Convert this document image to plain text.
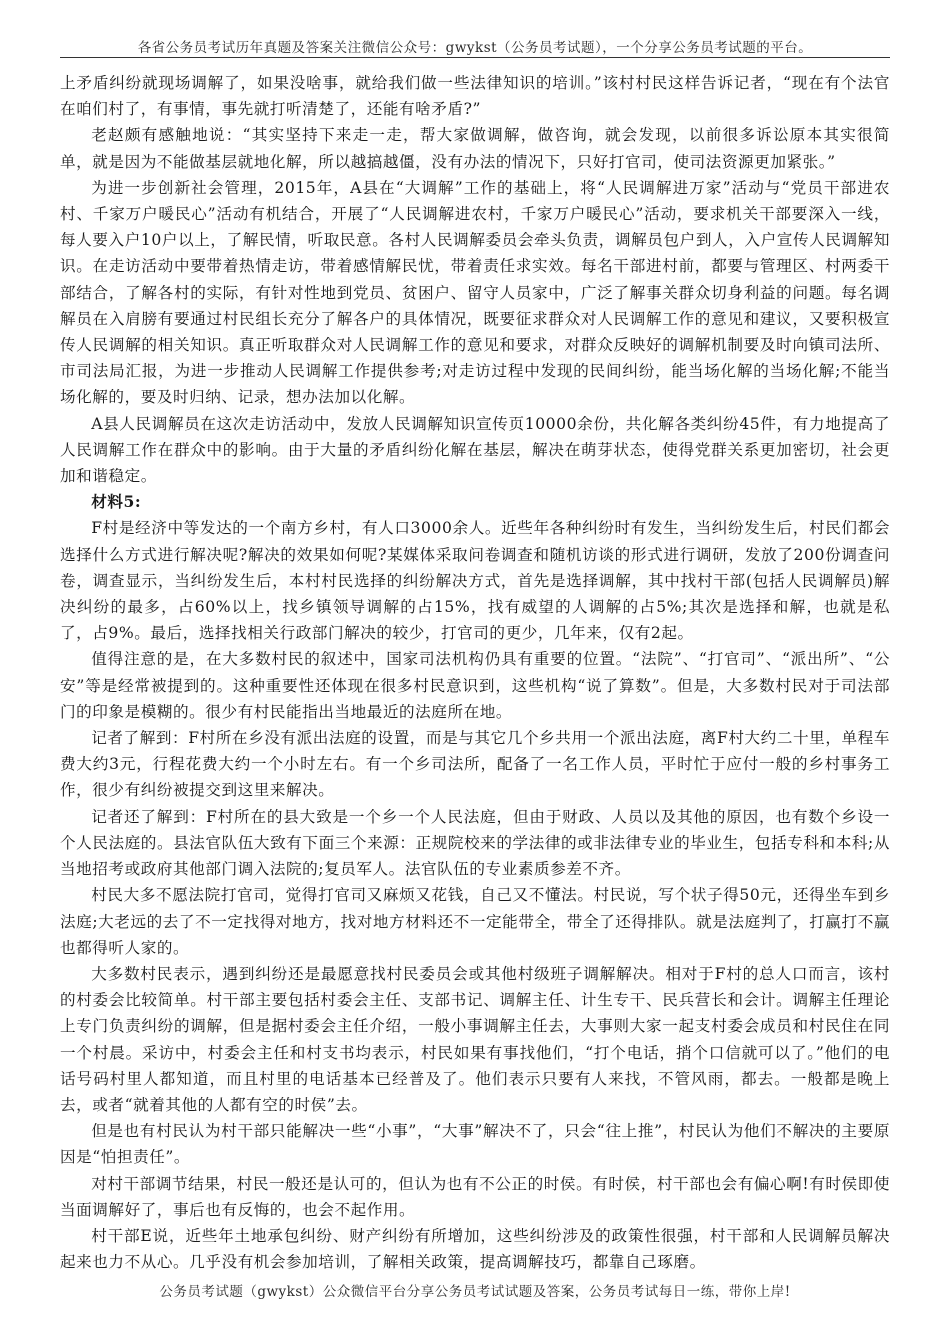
各省公务员考试历年真题及答案关注微信公众号：gwykst（公务员考试题），一个分享公务员考试题的平台。

上矛盾纠纷就现场调解了，如果没啥事，就给我们做一些法律知识的培训。”该村村民这样告诉记者，“现在有个法官在咱们村了，有事情，事先就打听清楚了，还能有啥矛盾?”

老赵颇有感触地说：“其实坚持下来走一走，帮大家做调解，做咨询，就会发现，以前很多诉讼原本其实很简单，就是因为不能做基层就地化解，所以越搞越僵，没有办法的情况下，只好打官司，使司法资源更加紧张。”

为进一步创新社会管理，2015年，A县在“大调解”工作的基础上，将“人民调解进万家”活动与“党员干部进农村、千家万户暖民心”活动有机结合，开展了“人民调解进农村，千家万户暖民心”活动，要求机关干部要深入一线，每人要入户10户以上，了解民情，听取民意。各村人民调解委员会牵头负责，调解员包户到人，入户宣传人民调解知识。在走访活动中要带着热情走访，带着感情解民忧，带着责任求实效。每名干部进村前，都要与管理区、村两委干部结合，了解各村的实际，有针对性地到党员、贫困户、留守人员家中，广泛了解事关群众切身利益的问题。每名调解员在入肩膀有要通过村民组长充分了解各户的具体情况，既要征求群众对人民调解工作的意见和建议，又要积极宣传人民调解的相关知识。真正听取群众对人民调解工作的意见和要求，对群众反映好的调解机制要及时向镇司法所、市司法局汇报，为进一步推动人民调解工作提供参考;对走访过程中发现的民间纠纷，能当场化解的当场化解;不能当场化解的，要及时归纳、记录，想办法加以化解。

A县人民调解员在这次走访活动中，发放人民调解知识宣传页10000余份，共化解各类纠纷45件，有力地提高了人民调解工作在群众中的影响。由于大量的矛盾纠纷化解在基层，解决在萌芽状态，使得党群关系更加密切，社会更加和谐稳定。

材料5:

F村是经济中等发达的一个南方乡村，有人口3000余人。近些年各种纠纷时有发生，当纠纷发生后，村民们都会选择什么方式进行解决呢?解决的效果如何呢?某媒体采取问卷调查和随机访谈的形式进行调研，发放了200份调查问卷，调查显示，当纠纷发生后，本村村民选择的纠纷解决方式，首先是选择调解，其中找村干部(包括人民调解员)解决纠纷的最多，占60%以上，找乡镇领导调解的占15%，找有威望的人调解的占5%;其次是选择和解，也就是私了，占9%。最后，选择找相关行政部门解决的较少，打官司的更少，几年来，仅有2起。

值得注意的是，在大多数村民的叙述中，国家司法机构仍具有重要的位置。“法院”、“打官司”、“派出所”、“公安”等是经常被提到的。这种重要性还体现在很多村民意识到，这些机构“说了算数”。但是，大多数村民对于司法部门的印象是模糊的。很少有村民能指出当地最近的法庭所在地。

记者了解到：F村所在乡没有派出法庭的设置，而是与其它几个乡共用一个派出法庭，离F村大约二十里，单程车费大约3元，行程花费大约一个小时左右。有一个乡司法所，配备了一名工作人员，平时忙于应付一般的乡村事务工作，很少有纠纷被提交到这里来解决。

记者还了解到：F村所在的县大致是一个乡一个人民法庭，但由于财政、人员以及其他的原因，也有数个乡设一个人民法庭的。县法官队伍大致有下面三个来源：正规院校来的学法律的或非法律专业的毕业生，包括专科和本科;从当地招考或政府其他部门调入法院的;复员军人。法官队伍的专业素质参差不齐。

村民大多不愿法院打官司，觉得打官司又麻烦又花钱，自己又不懂法。村民说，写个状子得50元，还得坐车到乡法庭;大老远的去了不一定找得对地方，找对地方材料还不一定能带全，带全了还得排队。就是法庭判了，打赢打不赢也都得听人家的。

大多数村民表示，遇到纠纷还是最愿意找村民委员会或其他村级班子调解解决。相对于F村的总人口而言，该村的村委会比较简单。村干部主要包括村委会主任、支部书记、调解主任、计生专干、民兵营长和会计。调解主任理论上专门负责纠纷的调解，但是据村委会主任介绍，一般小事调解主任去，大事则大家一起支村委会成员和村民住在同一个村晨。采访中，村委会主任和村支书均表示，村民如果有事找他们，“打个电话，捎个口信就可以了。”他们的电话号码村里人都知道，而且村里的电话基本已经普及了。他们表示只要有人来找，不管风雨，都去。一般都是晚上去，或者“就着其他的人都有空的时侯”去。

但是也有村民认为村干部只能解决一些“小事”，“大事”解决不了，只会“往上推”，村民认为他们不解决的主要原因是“怕担责任”。

对村干部调节结果，村民一般还是认可的，但认为也有不公正的时侯。有时侯，村干部也会有偏心啊!有时侯即使当面调解好了，事后也有反悔的，也会不起作用。

村干部E说，近些年土地承包纠纷、财产纠纷有所增加，这些纠纷涉及的政策性很强，村干部和人民调解员解决起来也力不从心。几乎没有机会参加培训，了解相关政策，提高调解技巧，都靠自己琢磨。

公务员考试题（gwykst）公众微信平台分享公务员考试试题及答案，公务员考试每日一练，带你上岸!
